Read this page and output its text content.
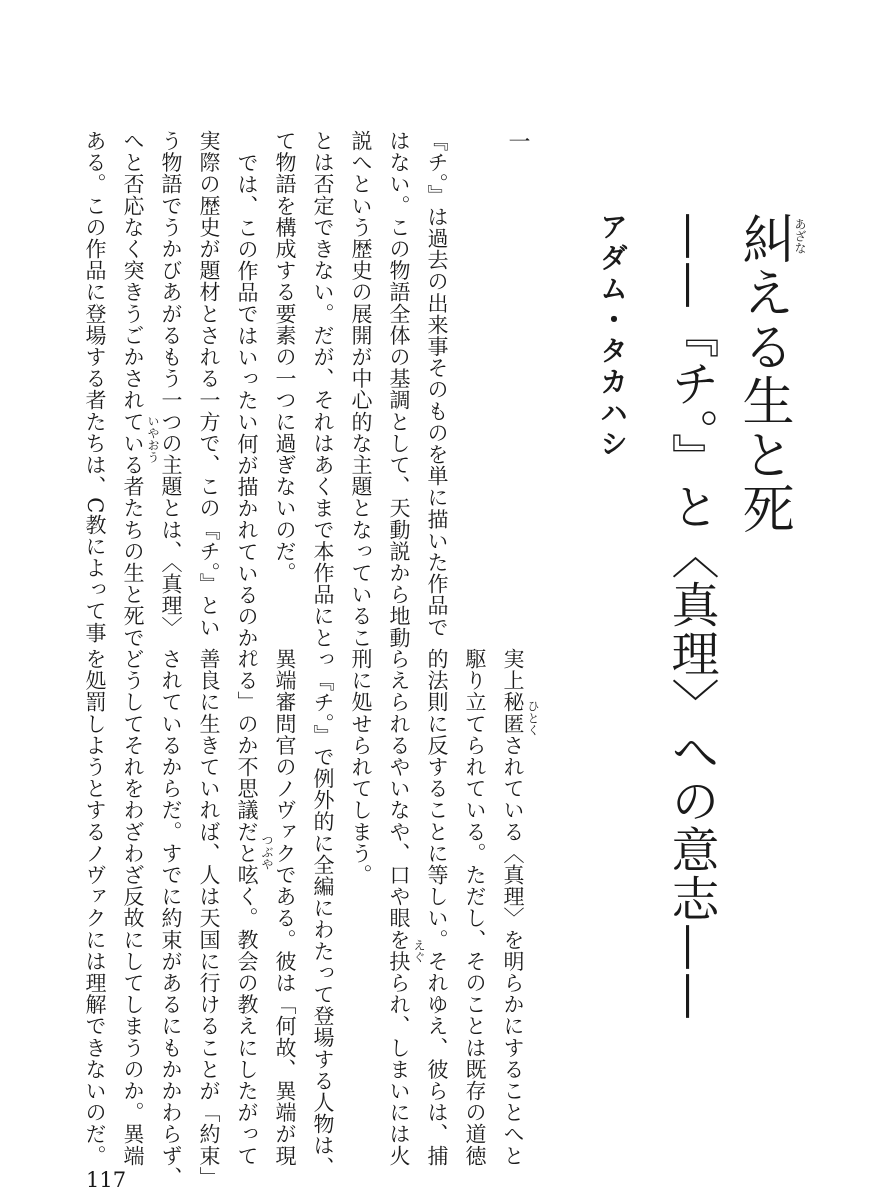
糾える生と死 あざな
——『チ。』と〈真理〉への意志——
アダム・タカハシ
一
『チ。』は過去の出来事そのものを単に描いた作品で
はない。この物語全体の基調として、天動説から地動
説へという歴史の展開が中心的な主題となっているこ
とは否定できない。だが、それはあくまで本作品にとっ
て物語を構成する要素の一つに過ぎないのだ。
では、この作品ではいったい何が描かれているのか。
実際の歴史が題材とされる一方で、この『チ。』とい
う物語でうかびあがるもう一つの主題とは、〈真理〉
へと否応なく突きうごかされている者たちの生と死で
ある。この作品に登場する者たちは、C教によって事
実上秘匿されている〈真理〉を明らかにすることへと
駆り立てられている。ただし、そのことは既存の道徳
的法則に反することに等しい。それゆえ、彼らは、捕
らえられるやいなや、口や眼を抉られ、しまいには火
刑に処せられてしまう。
『チ。』で例外的に全編にわたって登場する人物は、
異端審問官のノヴァクである。彼は「何故、異端が現
れる」のか不思議だと呟く。教会の教えにしたがって
善良に生きていれば、人は天国に行けることが「約束」
されているからだ。すでに約束があるにもかかわらず、
どうしてそれをわざわざ反故にしてしまうのか。異端
を処罰しようとするノヴァクには理解できないのだ。
いやおう
ひとく
えぐ
つぶや
117
